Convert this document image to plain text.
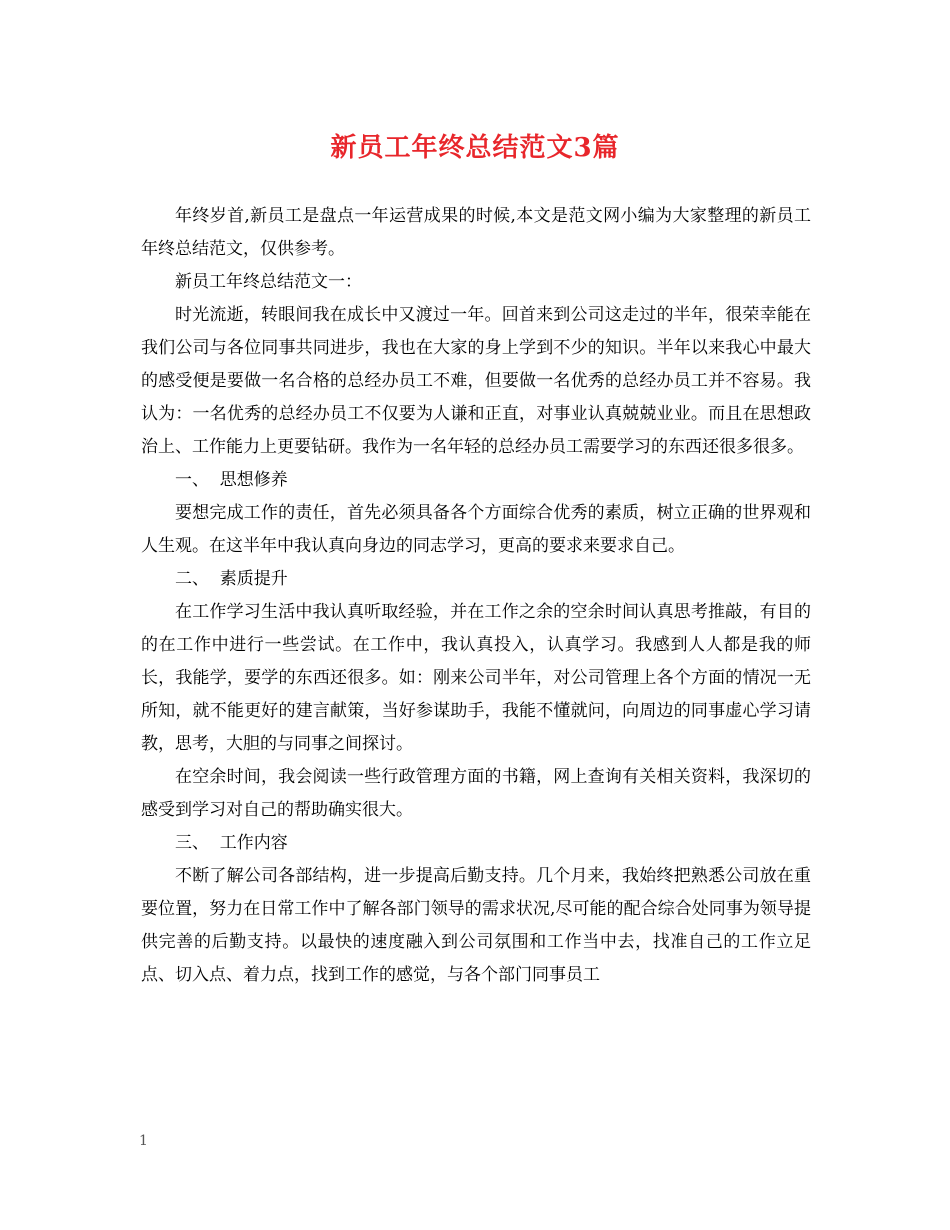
新员工年终总结范文3篇

年终岁首,新员工是盘点一年运营成果的时候,本文是范文网小编为大家整理的新员工年终总结范文，仅供参考。

新员工年终总结范文一：

时光流逝，转眼间我在成长中又渡过一年。回首来到公司这走过的半年，很荣幸能在我们公司与各位同事共同进步，我也在大家的身上学到不少的知识。半年以来我心中最大的感受便是要做一名合格的总经办员工不难，但要做一名优秀的总经办员工并不容易。我认为：一名优秀的总经办员工不仅要为人谦和正直，对事业认真兢兢业业。而且在思想政治上、工作能力上更要钻研。我作为一名年轻的总经办员工需要学习的东西还很多很多。

一、  思想修养

要想完成工作的责任，首先必须具备各个方面综合优秀的素质，树立正确的世界观和人生观。在这半年中我认真向身边的同志学习，更高的要求来要求自己。

二、  素质提升

在工作学习生活中我认真听取经验，并在工作之余的空余时间认真思考推敲，有目的的在工作中进行一些尝试。在工作中，我认真投入，认真学习。我感到人人都是我的师长，我能学，要学的东西还很多。如：刚来公司半年，对公司管理上各个方面的情况一无所知，就不能更好的建言献策，当好参谋助手，我能不懂就问，向周边的同事虚心学习请教，思考，大胆的与同事之间探讨。

在空余时间，我会阅读一些行政管理方面的书籍，网上查询有关相关资料，我深切的感受到学习对自己的帮助确实很大。

三、  工作内容

不断了解公司各部结构，进一步提高后勤支持。几个月来，我始终把熟悉公司放在重要位置，努力在日常工作中了解各部门领导的需求状况,尽可能的配合综合处同事为领导提供完善的后勤支持。以最快的速度融入到公司氛围和工作当中去，找准自己的工作立足点、切入点、着力点，找到工作的感觉，与各个部门同事员工

1
